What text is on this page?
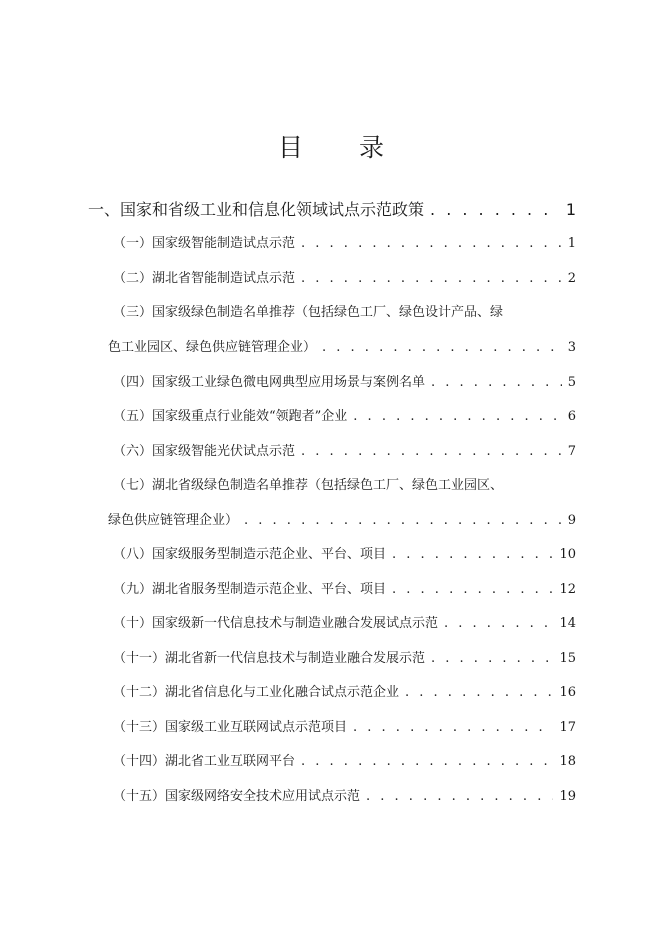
目 录
一、国家和省级工业和信息化领域试点示范政策 . . .	1
（一）国家级智能制造试点示范 . . .	1
（二）湖北省智能制造试点示范 . . .	2
（三）国家级绿色制造名单推荐（包括绿色工厂、绿色设计产品、绿
色工业园区、绿色供应链管理企业） . . .	3
（四）国家级工业绿色微电网典型应用场景与案例名单 . . .	5
（五）国家级重点行业能效“领跑者”企业 . . .	6
（六）国家级智能光伏试点示范 . . .	7
（七）湖北省级绿色制造名单推荐（包括绿色工厂、绿色工业园区、
绿色供应链管理企业） . . .	9
（八）国家级服务型制造示范企业、平台、项目 . . .	10
（九）湖北省服务型制造示范企业、平台、项目 . . .	12
（十）国家级新一代信息技术与制造业融合发展试点示范 . . .	14
（十一）湖北省新一代信息技术与制造业融合发展示范 . . .	15
（十二）湖北省信息化与工业化融合试点示范企业 . . .	16
（十三）国家级工业互联网试点示范项目 . . .	17
（十四）湖北省工业互联网平台 . . .	18
（十五）国家级网络安全技术应用试点示范 . . .	19
